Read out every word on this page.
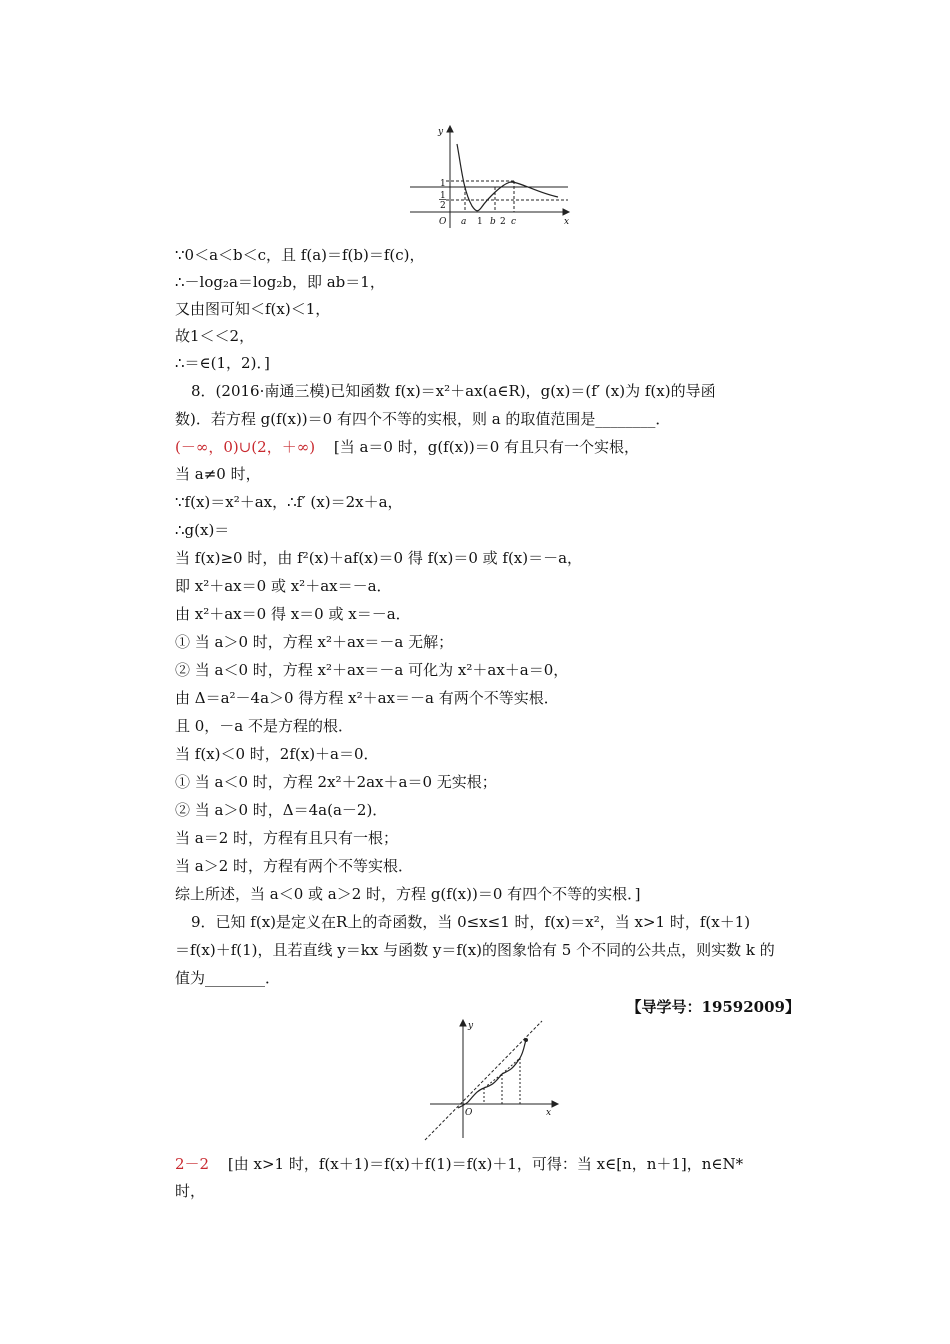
y
x
O a	b c
1
1
2
1 2
∵0＜a＜b＜c，且 f(a)＝f(b)＝f(c)，
∴－log₂a＝log₂b，即 ab＝1，
又由图可知＜f(x)＜1，
故1＜＜2，
∴＝∈(1，2)．]
8．(2016·南通三模)已知函数 f(x)＝x²＋ax(a∈R)，g(x)＝(f′ (x)为 f(x)的导函
数)．若方程 g(f(x))＝0 有四个不等的实根，则 a 的取值范围是________．
(－∞，0)∪(2，＋∞) [当 a＝0 时，g(f(x))＝0 有且只有一个实根，
当 a≠0 时，
∵f(x)＝x²＋ax，∴f′ (x)＝2x＋a，
∴g(x)＝
当 f(x)≥0 时，由 f²(x)＋af(x)＝0 得 f(x)＝0 或 f(x)＝－a，
即 x²＋ax＝0 或 x²＋ax＝－a．
由 x²＋ax＝0 得 x＝0 或 x＝－a．
① 当 a＞0 时，方程 x²＋ax＝－a 无解；
② 当 a＜0 时，方程 x²＋ax＝－a 可化为 x²＋ax＋a＝0，
由 Δ＝a²－4a＞0 得方程 x²＋ax＝－a 有两个不等实根．
且 0，－a 不是方程的根．
当 f(x)＜0 时，2f(x)＋a＝0．
① 当 a＜0 时，方程 2x²＋2ax＋a＝0 无实根；
② 当 a＞0 时，Δ＝4a(a－2)．
当 a＝2 时，方程有且只有一根；
当 a＞2 时，方程有两个不等实根．
综上所述，当 a＜0 或 a＞2 时，方程 g(f(x))＝0 有四个不等的实根．]
9．已知 f(x)是定义在R上的奇函数，当 0≤x≤1 时，f(x)＝x²，当 x>1 时，f(x＋1)
＝f(x)＋f(1)，且若直线 y＝kx 与函数 y＝f(x)的图象恰有 5 个不同的公共点，则实数 k 的
值为________．
【导学号：19592009】
y
x
O
2－2 [由 x>1 时，f(x＋1)＝f(x)＋f(1)＝f(x)＋1，可得：当 x∈[n，n＋1]，n∈N*
时，
